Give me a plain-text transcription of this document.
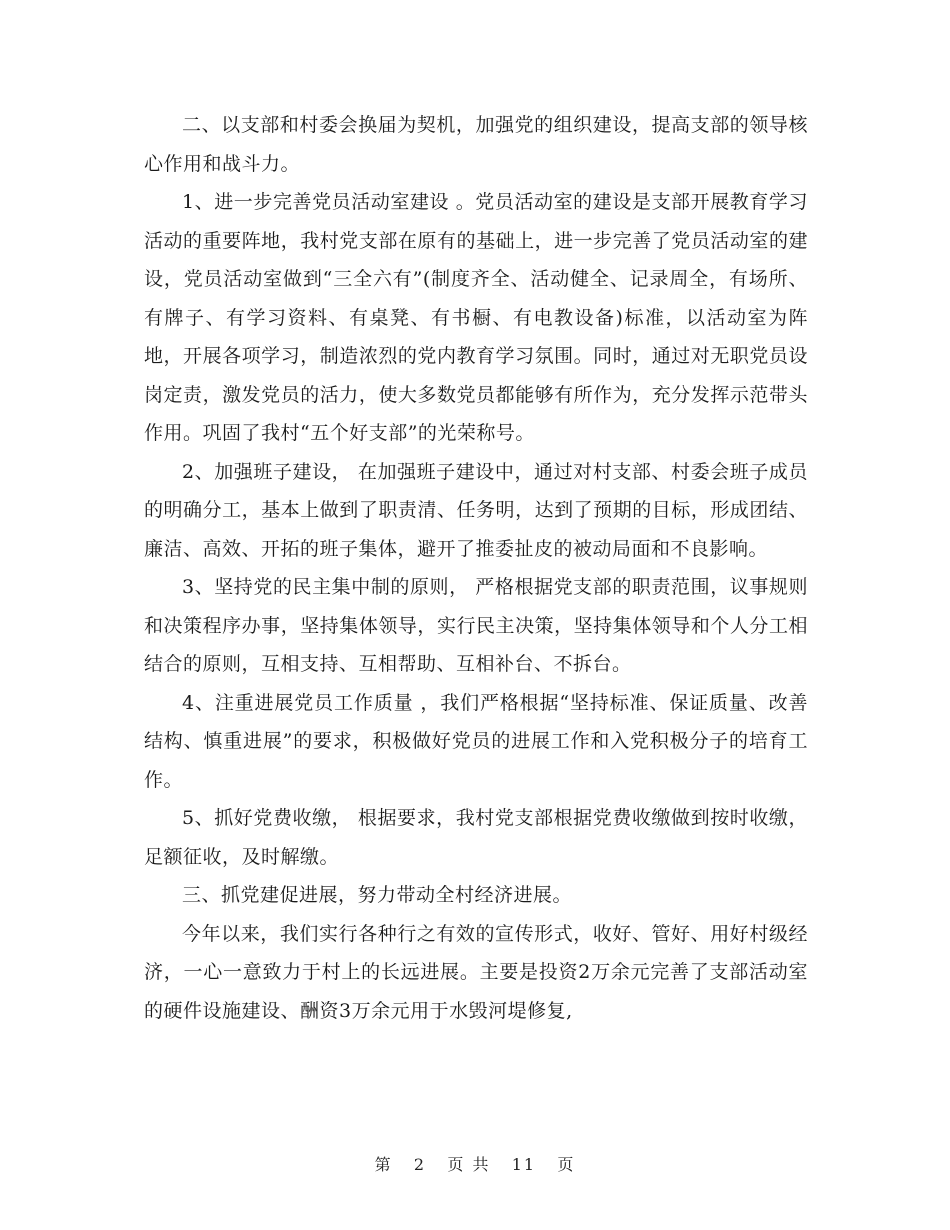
二、以支部和村委会换届为契机，加强党的组织建设，提高支部的领导核心作用和战斗力。

1、进一步完善党员活动室建设 。党员活动室的建设是支部开展教育学习活动的重要阵地，我村党支部在原有的基础上，进一步完善了党员活动室的建设，党员活动室做到“三全六有”(制度齐全、活动健全、记录周全，有场所、有牌子、有学习资料、有桌凳、有书橱、有电教设备)标准，以活动室为阵地，开展各项学习，制造浓烈的党内教育学习氛围。同时，通过对无职党员设岗定责，激发党员的活力，使大多数党员都能够有所作为，充分发挥示范带头作用。巩固了我村“五个好支部”的光荣称号。

2、加强班子建设， 在加强班子建设中，通过对村支部、村委会班子成员的明确分工，基本上做到了职责清、任务明，达到了预期的目标，形成团结、廉洁、高效、开拓的班子集体，避开了推委扯皮的被动局面和不良影响。

3、坚持党的民主集中制的原则， 严格根据党支部的职责范围，议事规则和决策程序办事，坚持集体领导，实行民主决策，坚持集体领导和个人分工相结合的原则，互相支持、互相帮助、互相补台、不拆台。

4、注重进展党员工作质量 ，我们严格根据“坚持标准、保证质量、改善结构、慎重进展”的要求，积极做好党员的进展工作和入党积极分子的培育工作。

5、抓好党费收缴， 根据要求，我村党支部根据党费收缴做到按时收缴，足额征收，及时解缴。

三、抓党建促进展，努力带动全村经济进展。

今年以来，我们实行各种行之有效的宣传形式，收好、管好、用好村级经济，一心一意致力于村上的长远进展。主要是投资2万余元完善了支部活动室的硬件设施建设、酬资3万余元用于水毁河堤修复,

第 2 页 共 11 页
